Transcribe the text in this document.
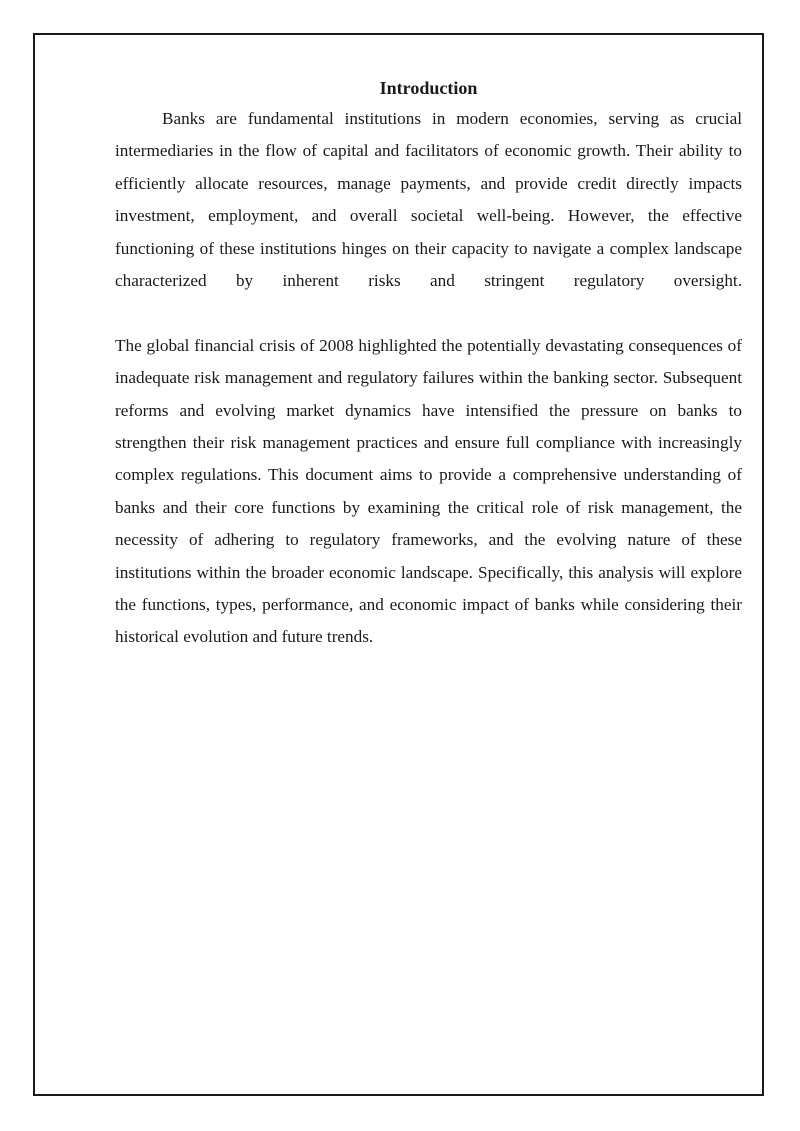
Introduction

Banks are fundamental institutions in modern economies, serving as crucial intermediaries in the flow of capital and facilitators of economic growth. Their ability to efficiently allocate resources, manage payments, and provide credit directly impacts investment, employment, and overall societal well-being. However, the effective functioning of these institutions hinges on their capacity to navigate a complex landscape characterized by inherent risks and stringent regulatory oversight.

The global financial crisis of 2008 highlighted the potentially devastating consequences of inadequate risk management and regulatory failures within the banking sector. Subsequent reforms and evolving market dynamics have intensified the pressure on banks to strengthen their risk management practices and ensure full compliance with increasingly complex regulations. This document aims to provide a comprehensive understanding of banks and their core functions by examining the critical role of risk management, the necessity of adhering to regulatory frameworks, and the evolving nature of these institutions within the broader economic landscape. Specifically, this analysis will explore the functions, types, performance, and economic impact of banks while considering their historical evolution and future trends.
